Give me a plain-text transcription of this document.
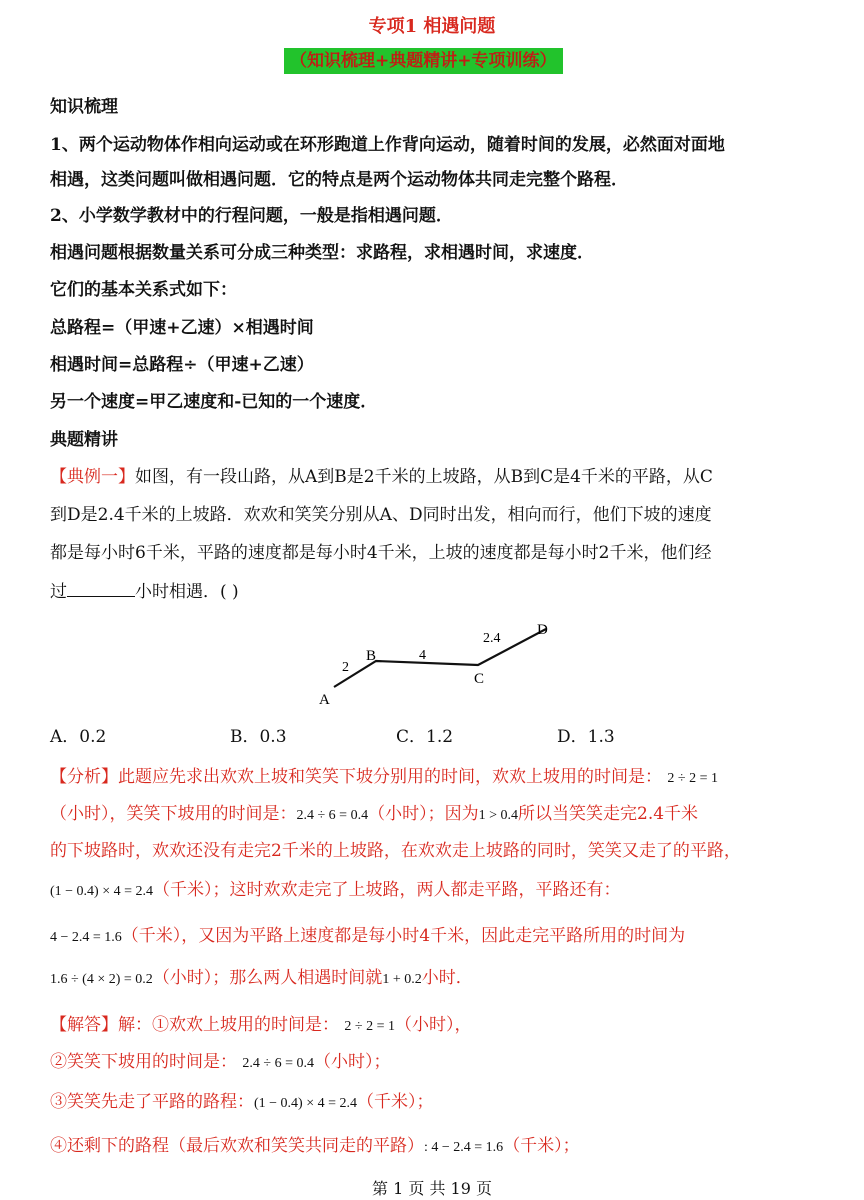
专项1 相遇问题
（知识梳理+典题精讲+专项训练）
知识梳理
1、两个运动物体作相向运动或在环形跑道上作背向运动，随着时间的发展，必然面对面地
相遇，这类问题叫做相遇问题．它的特点是两个运动物体共同走完整个路程．
2、小学数学教材中的行程问题，一般是指相遇问题．
相遇问题根据数量关系可分成三种类型：求路程，求相遇时间，求速度．
它们的基本关系式如下：
总路程=（甲速+乙速）×相遇时间
相遇时间=总路程÷（甲速+乙速）
另一个速度=甲乙速度和-已知的一个速度．
典题精讲
【典例一】如图，有一段山路，从A到B是2千米的上坡路，从B到C是4千米的平路，从C
到D是2.4千米的上坡路．欢欢和笑笑分别从A、D同时出发，相向而行，他们下坡的速度
都是每小时6千米，平路的速度都是每小时4千米，上坡的速度都是每小时2千米，他们经
过	小时相遇．( )
A
B
C
D
2
4
2.4
A．0.2	B．0.3	C．1.2	D．1.3
【分析】此题应先求出欢欢上坡和笑笑下坡分别用的时间，欢欢上坡用的时间是： 2 ÷ 2 = 1
（小时），笑笑下坡用的时间是：2.4 ÷ 6 = 0.4（小时）；因为1 > 0.4所以当笑笑走完2.4千米
的下坡路时，欢欢还没有走完2千米的上坡路，在欢欢走上坡路的同时，笑笑又走了的平路，
(1 − 0.4) × 4 = 2.4（千米）；这时欢欢走完了上坡路，两人都走平路，平路还有：
4 − 2.4 = 1.6（千米），又因为平路上速度都是每小时4千米，因此走完平路所用的时间为
1.6 ÷ (4 × 2) = 0.2（小时）；那么两人相遇时间就1 + 0.2小时．
【解答】解：①欢欢上坡用的时间是： 2 ÷ 2 = 1（小时），
②笑笑下坡用的时间是： 2.4 ÷ 6 = 0.4（小时）；
③笑笑先走了平路的路程：(1 − 0.4) × 4 = 2.4（千米）；
④还剩下的路程（最后欢欢和笑笑共同走的平路）: 4 − 2.4 = 1.6（千米）；
第 1 页 共 19 页
